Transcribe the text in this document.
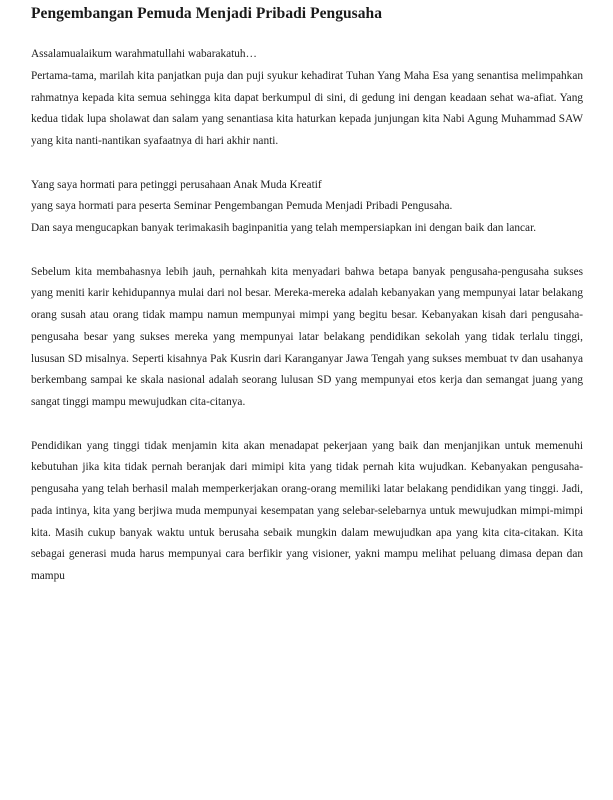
Pengembangan Pemuda Menjadi Pribadi Pengusaha

Assalamualaikum warahmatullahi wabarakatuh…

Pertama-tama, marilah kita panjatkan puja dan puji syukur kehadirat Tuhan Yang Maha Esa yang senantisa melimpahkan rahmatnya kepada kita semua sehingga kita dapat berkumpul di sini, di gedung ini dengan keadaan sehat wa-afiat. Yang kedua tidak lupa sholawat dan salam yang senantiasa kita haturkan kepada junjungan kita Nabi Agung Muhammad SAW yang kita nanti-nantikan syafaatnya di hari akhir nanti.

Yang saya hormati para petinggi perusahaan Anak Muda Kreatif

yang saya hormati para peserta Seminar Pengembangan Pemuda Menjadi Pribadi Pengusaha.

Dan saya mengucapkan banyak terimakasih baginpanitia yang telah mempersiapkan ini dengan baik dan lancar.

Sebelum kita membahasnya lebih jauh, pernahkah kita menyadari bahwa betapa banyak pengusaha-pengusaha sukses yang meniti karir kehidupannya mulai dari nol besar. Mereka-mereka adalah kebanyakan yang mempunyai latar belakang orang susah atau orang tidak mampu namun mempunyai mimpi yang begitu besar. Kebanyakan kisah dari pengusaha-pengusaha besar yang sukses mereka yang mempunyai latar belakang pendidikan sekolah yang tidak terlalu tinggi, lususan SD misalnya. Seperti kisahnya Pak Kusrin dari Karanganyar Jawa Tengah yang sukses membuat tv dan usahanya berkembang sampai ke skala nasional adalah seorang lulusan SD yang mempunyai etos kerja dan semangat juang yang sangat tinggi mampu mewujudkan cita-citanya.

Pendidikan yang tinggi tidak menjamin kita akan menadapat pekerjaan yang baik dan menjanjikan untuk memenuhi kebutuhan jika kita tidak pernah beranjak dari mimipi kita yang tidak pernah kita wujudkan. Kebanyakan pengusaha-pengusaha yang telah berhasil malah memperkerjakan orang-orang memiliki latar belakang pendidikan yang tinggi. Jadi, pada intinya, kita yang berjiwa muda mempunyai kesempatan yang selebar-selebarnya untuk mewujudkan mimpi-mimpi kita. Masih cukup banyak waktu untuk berusaha sebaik mungkin dalam mewujudkan apa yang kita cita-citakan. Kita sebagai generasi muda harus mempunyai cara berfikir yang visioner, yakni mampu melihat peluang dimasa depan dan mampu
